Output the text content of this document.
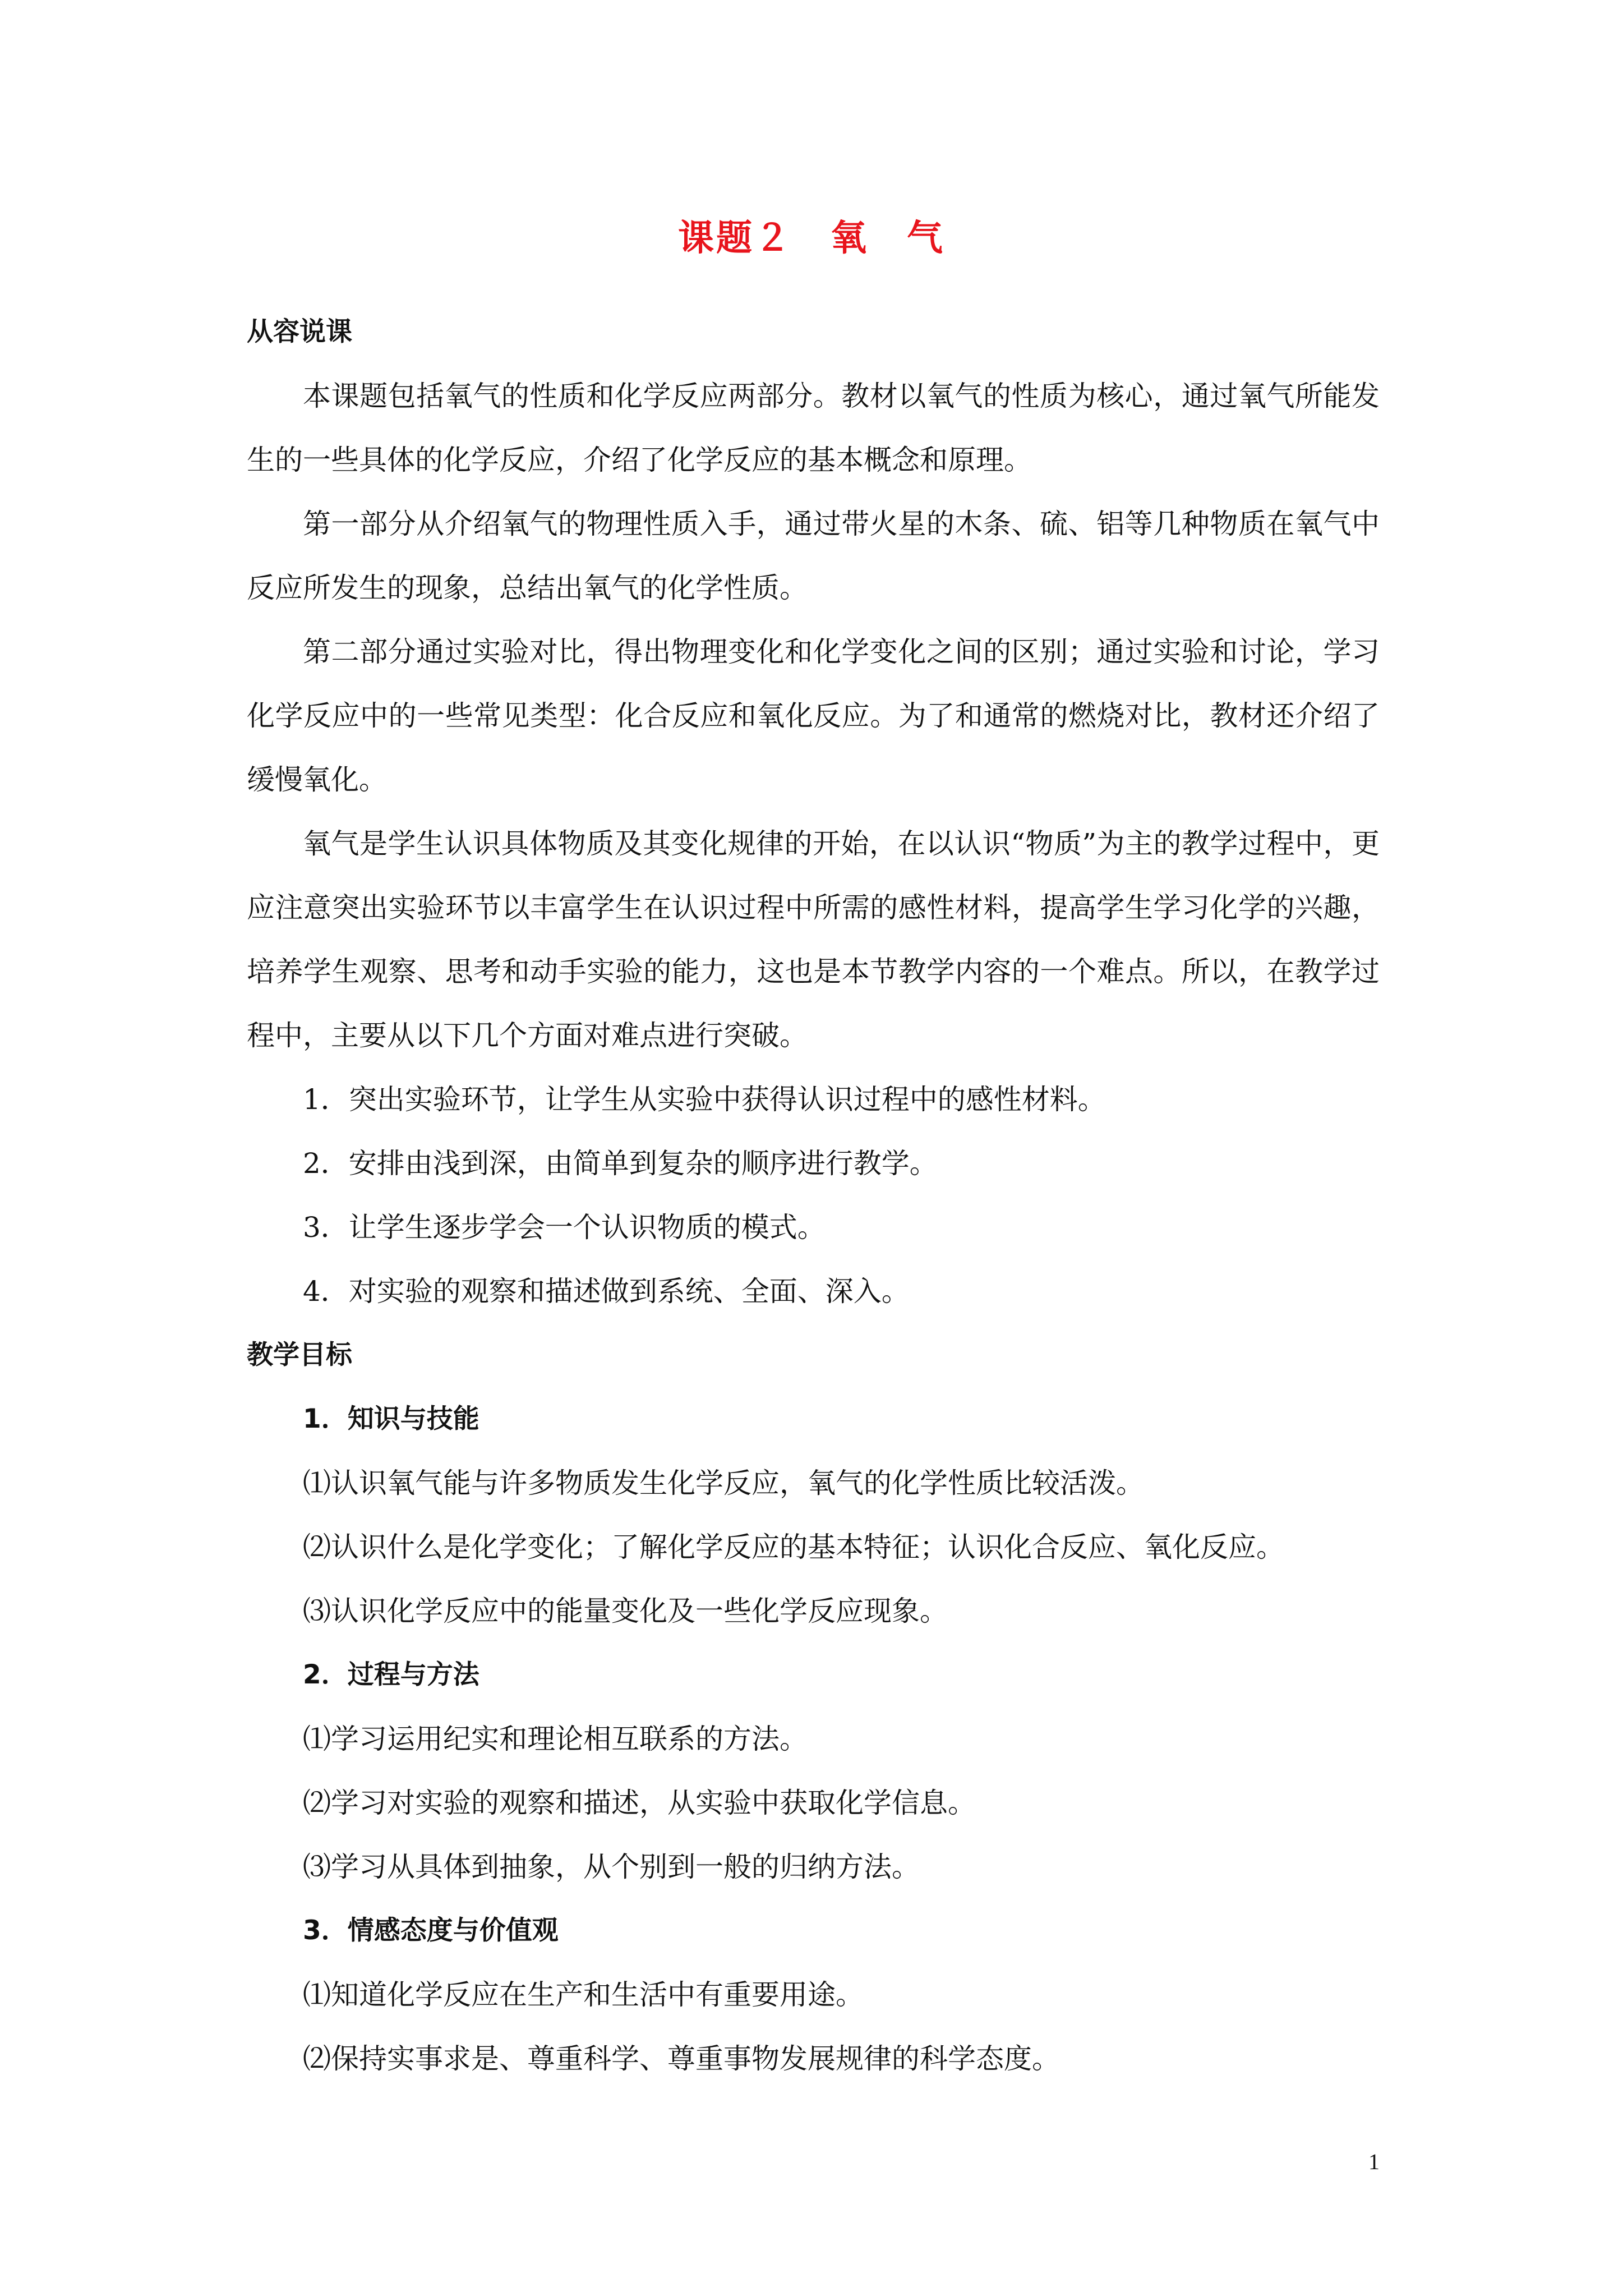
课题２　氧　气

从容说课

本课题包括氧气的性质和化学反应两部分。教材以氧气的性质为核心，通过氧气所能发生的一些具体的化学反应，介绍了化学反应的基本概念和原理。

第一部分从介绍氧气的物理性质入手，通过带火星的木条、硫、铝等几种物质在氧气中反应所发生的现象，总结出氧气的化学性质。

第二部分通过实验对比，得出物理变化和化学变化之间的区别；通过实验和讨论，学习化学反应中的一些常见类型：化合反应和氧化反应。为了和通常的燃烧对比，教材还介绍了缓慢氧化。

氧气是学生认识具体物质及其变化规律的开始，在以认识“物质”为主的教学过程中，更应注意突出实验环节以丰富学生在认识过程中所需的感性材料，提高学生学习化学的兴趣，培养学生观察、思考和动手实验的能力，这也是本节教学内容的一个难点。所以，在教学过程中，主要从以下几个方面对难点进行突破。

1．突出实验环节，让学生从实验中获得认识过程中的感性材料。

2．安排由浅到深，由简单到复杂的顺序进行教学。

3．让学生逐步学会一个认识物质的模式。

4．对实验的观察和描述做到系统、全面、深入。

教学目标

1．知识与技能

⑴认识氧气能与许多物质发生化学反应，氧气的化学性质比较活泼。

⑵认识什么是化学变化；了解化学反应的基本特征；认识化合反应、氧化反应。

⑶认识化学反应中的能量变化及一些化学反应现象。

2．过程与方法

⑴学习运用纪实和理论相互联系的方法。

⑵学习对实验的观察和描述，从实验中获取化学信息。

⑶学习从具体到抽象，从个别到一般的归纳方法。

3．情感态度与价值观

⑴知道化学反应在生产和生活中有重要用途。

⑵保持实事求是、尊重科学、尊重事物发展规律的科学态度。

1
